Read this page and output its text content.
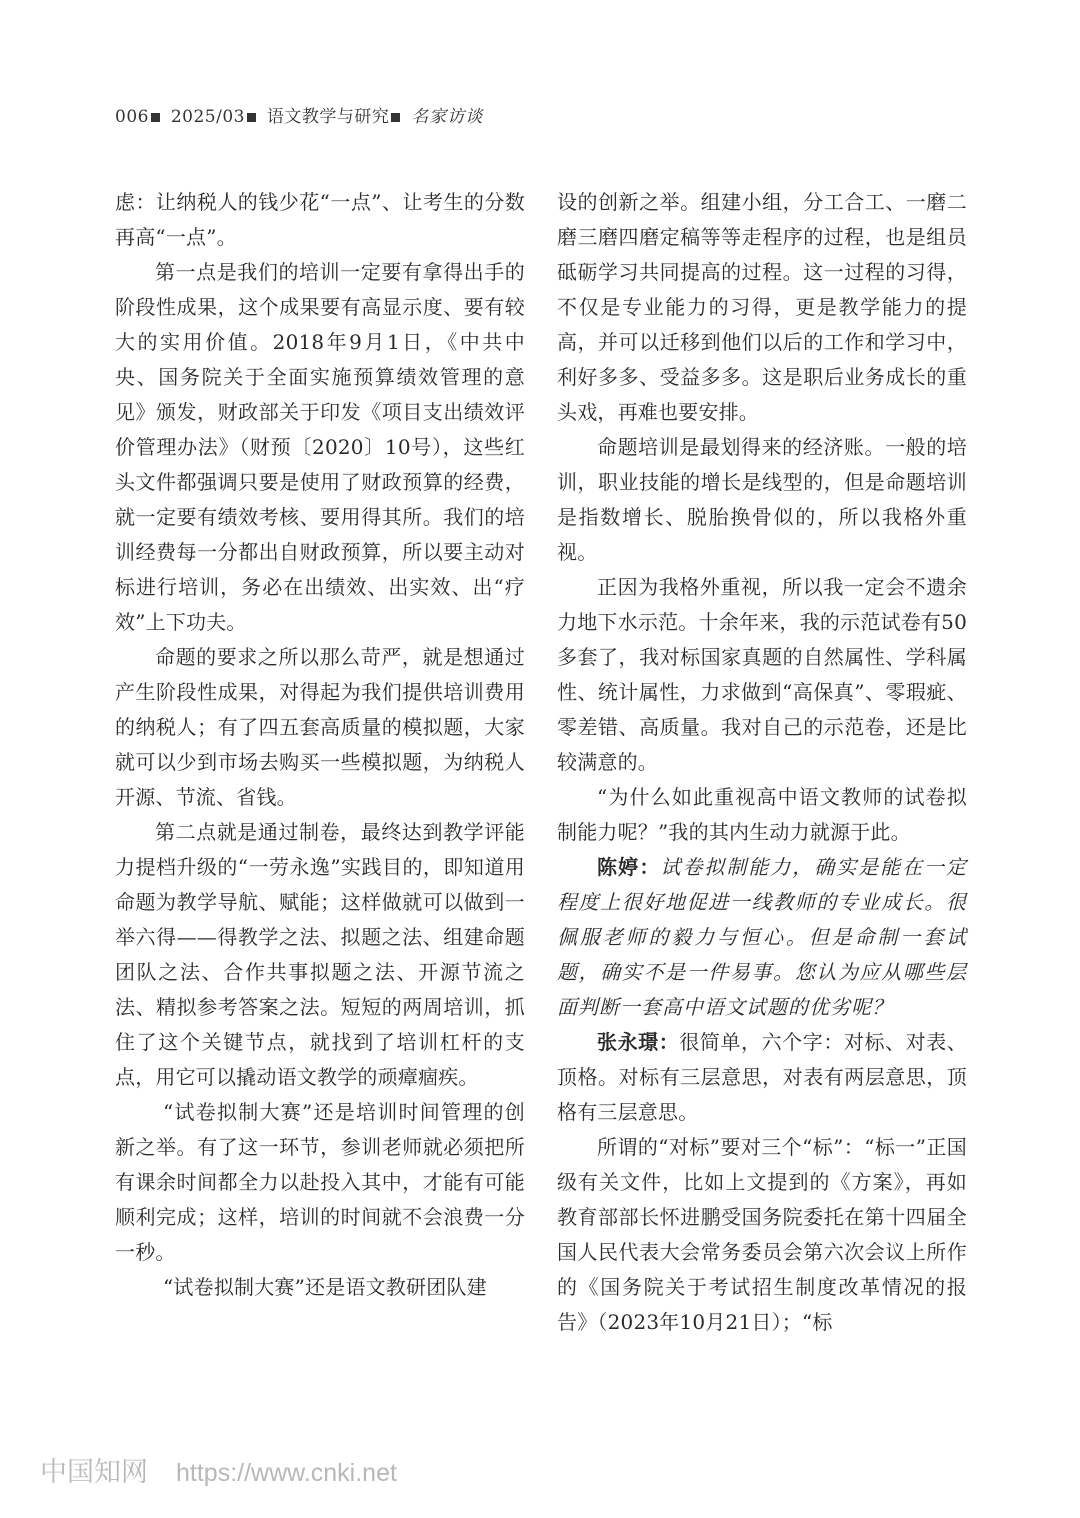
006 2025/03 语文教学与研究 名家访谈

虑：让纳税人的钱少花“一点”、让考生的分数再高“一点”。

第一点是我们的培训一定要有拿得出手的阶段性成果，这个成果要有高显示度、要有较大的实用价值。2018年9月1日，《中共中央、国务院关于全面实施预算绩效管理的意见》颁发，财政部关于印发《项目支出绩效评价管理办法》（财预〔2020〕10号），这些红头文件都强调只要是使用了财政预算的经费，就一定要有绩效考核、要用得其所。我们的培训经费每一分都出自财政预算，所以要主动对标进行培训，务必在出绩效、出实效、出“疗效”上下功夫。

命题的要求之所以那么苛严，就是想通过产生阶段性成果，对得起为我们提供培训费用的纳税人；有了四五套高质量的模拟题，大家就可以少到市场去购买一些模拟题，为纳税人开源、节流、省钱。

第二点就是通过制卷，最终达到教学评能力提档升级的“一劳永逸”实践目的，即知道用命题为教学导航、赋能；这样做就可以做到一举六得——得教学之法、拟题之法、组建命题团队之法、合作共事拟题之法、开源节流之法、精拟参考答案之法。短短的两周培训，抓住了这个关键节点，就找到了培训杠杆的支点，用它可以撬动语文教学的顽瘴痼疾。

“试卷拟制大赛”还是培训时间管理的创新之举。有了这一环节，参训老师就必须把所有课余时间都全力以赴投入其中，才能有可能顺利完成；这样，培训的时间就不会浪费一分一秒。

“试卷拟制大赛”还是语文教研团队建

设的创新之举。组建小组，分工合工、一磨二磨三磨四磨定稿等等走程序的过程，也是组员砥砺学习共同提高的过程。这一过程的习得，不仅是专业能力的习得，更是教学能力的提高，并可以迁移到他们以后的工作和学习中，利好多多、受益多多。这是职后业务成长的重头戏，再难也要安排。

命题培训是最划得来的经济账。一般的培训，职业技能的增长是线型的，但是命题培训是指数增长、脱胎换骨似的，所以我格外重视。

正因为我格外重视，所以我一定会不遗余力地下水示范。十余年来，我的示范试卷有50多套了，我对标国家真题的自然属性、学科属性、统计属性，力求做到“高保真”、零瑕疵、零差错、高质量。我对自己的示范卷，还是比较满意的。

“为什么如此重视高中语文教师的试卷拟制能力呢？”我的其内生动力就源于此。

陈婷：试卷拟制能力，确实是能在一定程度上很好地促进一线教师的专业成长。很佩服老师的毅力与恒心。但是命制一套试题，确实不是一件易事。您认为应从哪些层面判断一套高中语文试题的优劣呢？

张永璟：很简单，六个字：对标、对表、顶格。对标有三层意思，对表有两层意思，顶格有三层意思。

所谓的“对标”要对三个“标”：“标一”正国级有关文件，比如上文提到的《方案》，再如教育部部长怀进鹏受国务院委托在第十四届全国人民代表大会常务委员会第六次会议上所作的《国务院关于考试招生制度改革情况的报告》（2023年10月21日）；“标

中国知网 https://www.cnki.net
